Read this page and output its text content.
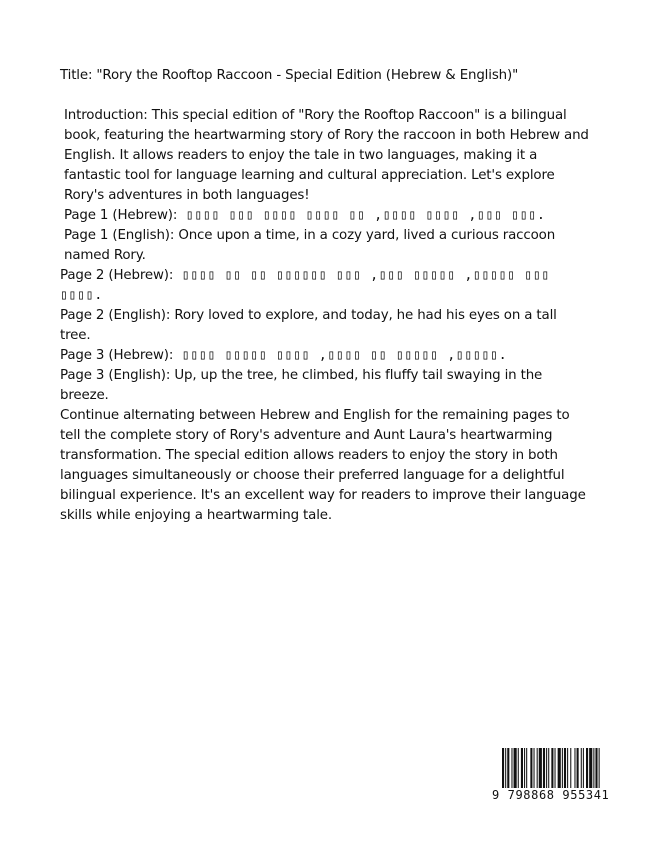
Title: "Rory the Rooftop Raccoon - Special Edition (Hebrew & English)"

Introduction: This special edition of "Rory the Rooftop Raccoon" is a bilingual book, featuring the heartwarming story of Rory the raccoon in both Hebrew and English. It allows readers to enjoy the tale in two languages, making it a fantastic tool for language learning and cultural appreciation. Let's explore Rory's adventures in both languages!

Page 1 (Hebrew): ▯▯▯▯ ▯▯▯ ▯▯▯▯ ▯▯▯▯ ▯▯ ,▯▯▯▯ ▯▯▯▯ ,▯▯▯ ▯▯▯.

Page 1 (English): Once upon a time, in a cozy yard, lived a curious raccoon named Rory.

Page 2 (Hebrew): ▯▯▯▯ ▯▯ ▯▯ ▯▯▯▯▯▯ ▯▯▯ ,▯▯▯ ▯▯▯▯▯ ,▯▯▯▯▯ ▯▯▯ ▯▯▯▯.

Page 2 (English): Rory loved to explore, and today, he had his eyes on a tall tree.

Page 3 (Hebrew): ▯▯▯▯ ▯▯▯▯▯ ▯▯▯▯ ,▯▯▯▯ ▯▯ ▯▯▯▯▯ ,▯▯▯▯▯.

Page 3 (English): Up, up the tree, he climbed, his fluffy tail swaying in the breeze.

Continue alternating between Hebrew and English for the remaining pages to tell the complete story of Rory's adventure and Aunt Laura's heartwarming transformation. The special edition allows readers to enjoy the story in both languages simultaneously or choose their preferred language for a delightful bilingual experience. It's an excellent way for readers to improve their language skills while enjoying a heartwarming tale.

9 798868 955341
